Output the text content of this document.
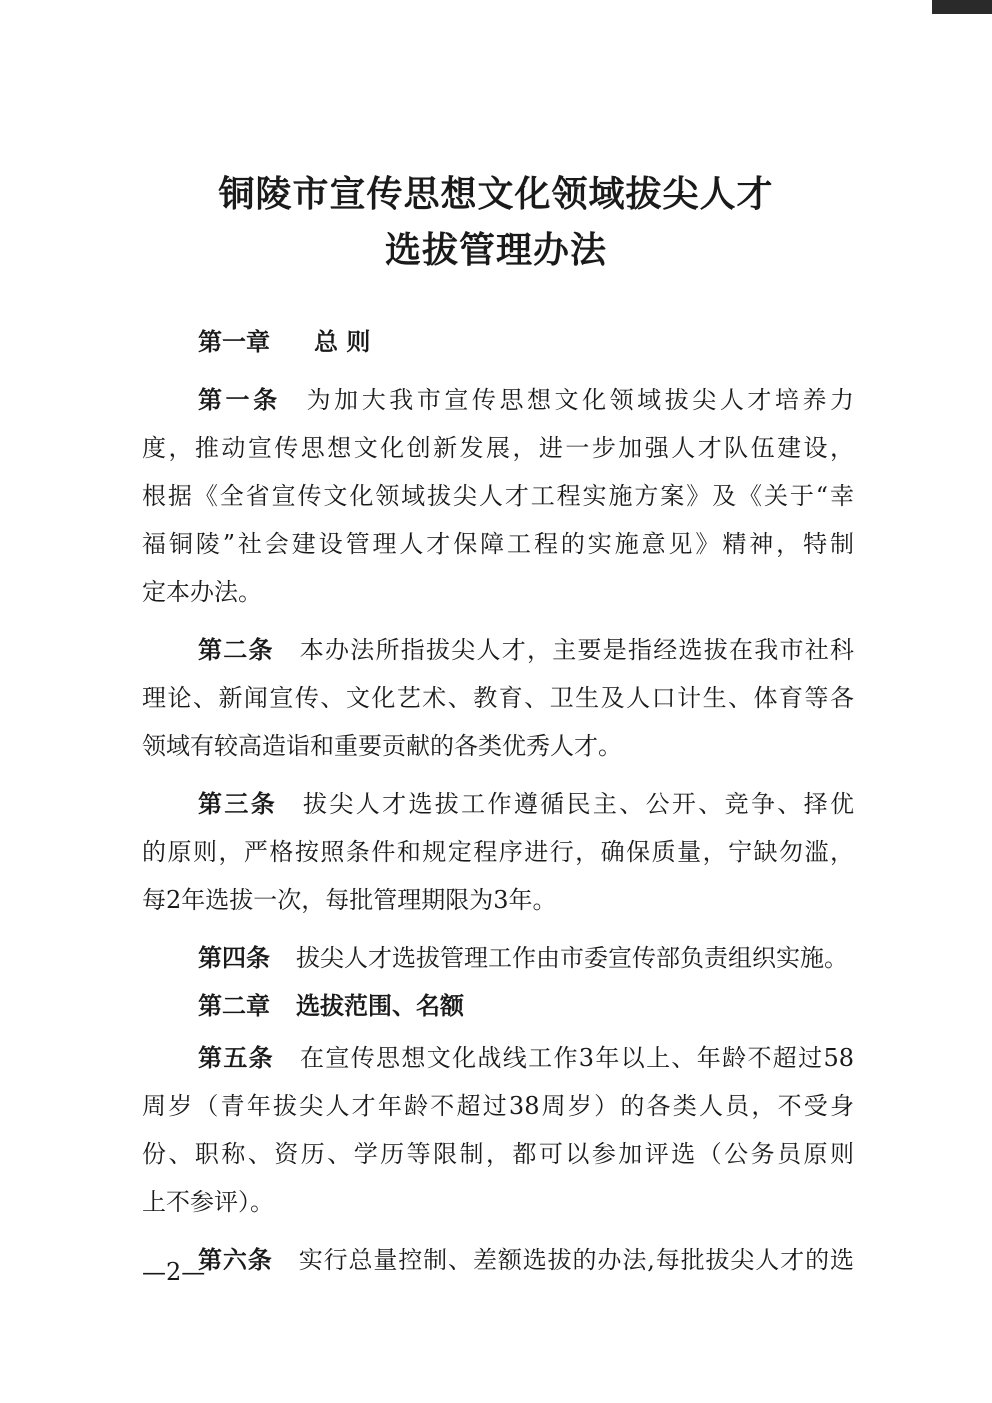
铜陵市宣传思想文化领域拔尖人才
选拔管理办法
第一章 总 则
第一条 为加大我市宣传思想文化领域拔尖人才培养力
度，推动宣传思想文化创新发展，进一步加强人才队伍建设，
根据《全省宣传文化领域拔尖人才工程实施方案》及《关于“幸
福铜陵”社会建设管理人才保障工程的实施意见》精神，特制
定本办法。
第二条 本办法所指拔尖人才，主要是指经选拔在我市社科
理论、新闻宣传、文化艺术、教育、卫生及人口计生、体育等各
领域有较高造诣和重要贡献的各类优秀人才。
第三条 拔尖人才选拔工作遵循民主、公开、竞争、择优
的原则，严格按照条件和规定程序进行，确保质量，宁缺勿滥，
每2年选拔一次，每批管理期限为3年。
第四条 拔尖人才选拔管理工作由市委宣传部负责组织实施。
第二章 选拔范围、名额
第五条 在宣传思想文化战线工作3年以上、年龄不超过58
周岁（青年拔尖人才年龄不超过38周岁）的各类人员，不受身
份、职称、资历、学历等限制，都可以参加评选（公务员原则
上不参评）。
第六条 实行总量控制、差额选拔的办法,每批拔尖人才的选
—2—
